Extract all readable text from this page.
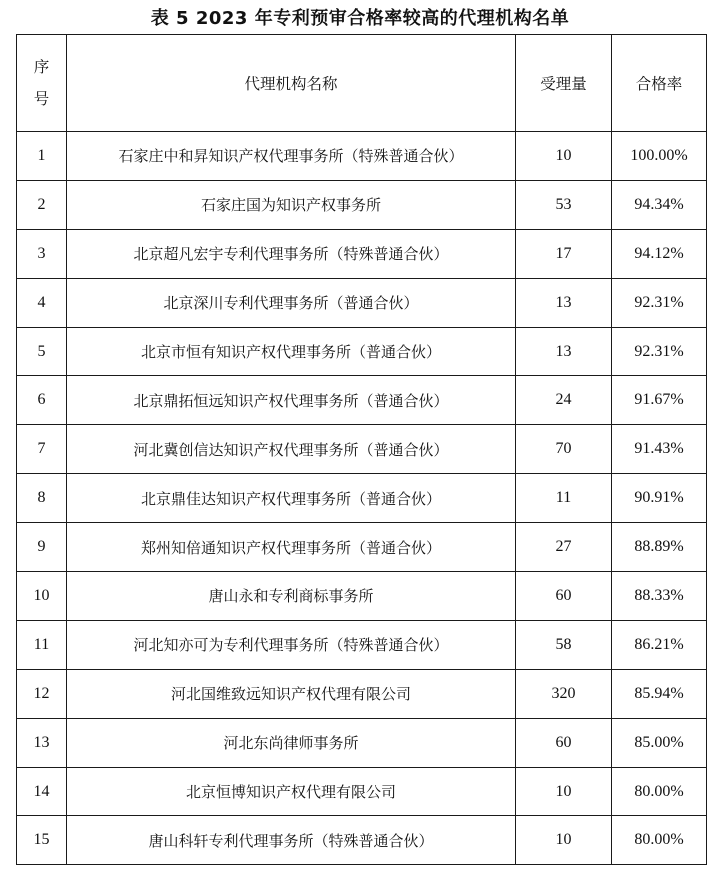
表 5 2023 年专利预审合格率较高的代理机构名单
序
号	代理机构名称	受理量	合格率
1	石家庄中和昇知识产权代理事务所（特殊普通合伙）	10	100.00%
2	石家庄国为知识产权事务所	53	94.34%
3	北京超凡宏宇专利代理事务所（特殊普通合伙）	17	94.12%
4	北京深川专利代理事务所（普通合伙）	13	92.31%
5	北京市恒有知识产权代理事务所（普通合伙）	13	92.31%
6	北京鼎拓恒远知识产权代理事务所（普通合伙）	24	91.67%
7	河北冀创信达知识产权代理事务所（普通合伙）	70	91.43%
8	北京鼎佳达知识产权代理事务所（普通合伙）	11	90.91%
9	郑州知倍通知识产权代理事务所（普通合伙）	27	88.89%
10	唐山永和专利商标事务所	60	88.33%
11	河北知亦可为专利代理事务所（特殊普通合伙）	58	86.21%
12	河北国维致远知识产权代理有限公司	320	85.94%
13	河北东尚律师事务所	60	85.00%
14	北京恒博知识产权代理有限公司	10	80.00%
15	唐山科轩专利代理事务所（特殊普通合伙）	10	80.00%
